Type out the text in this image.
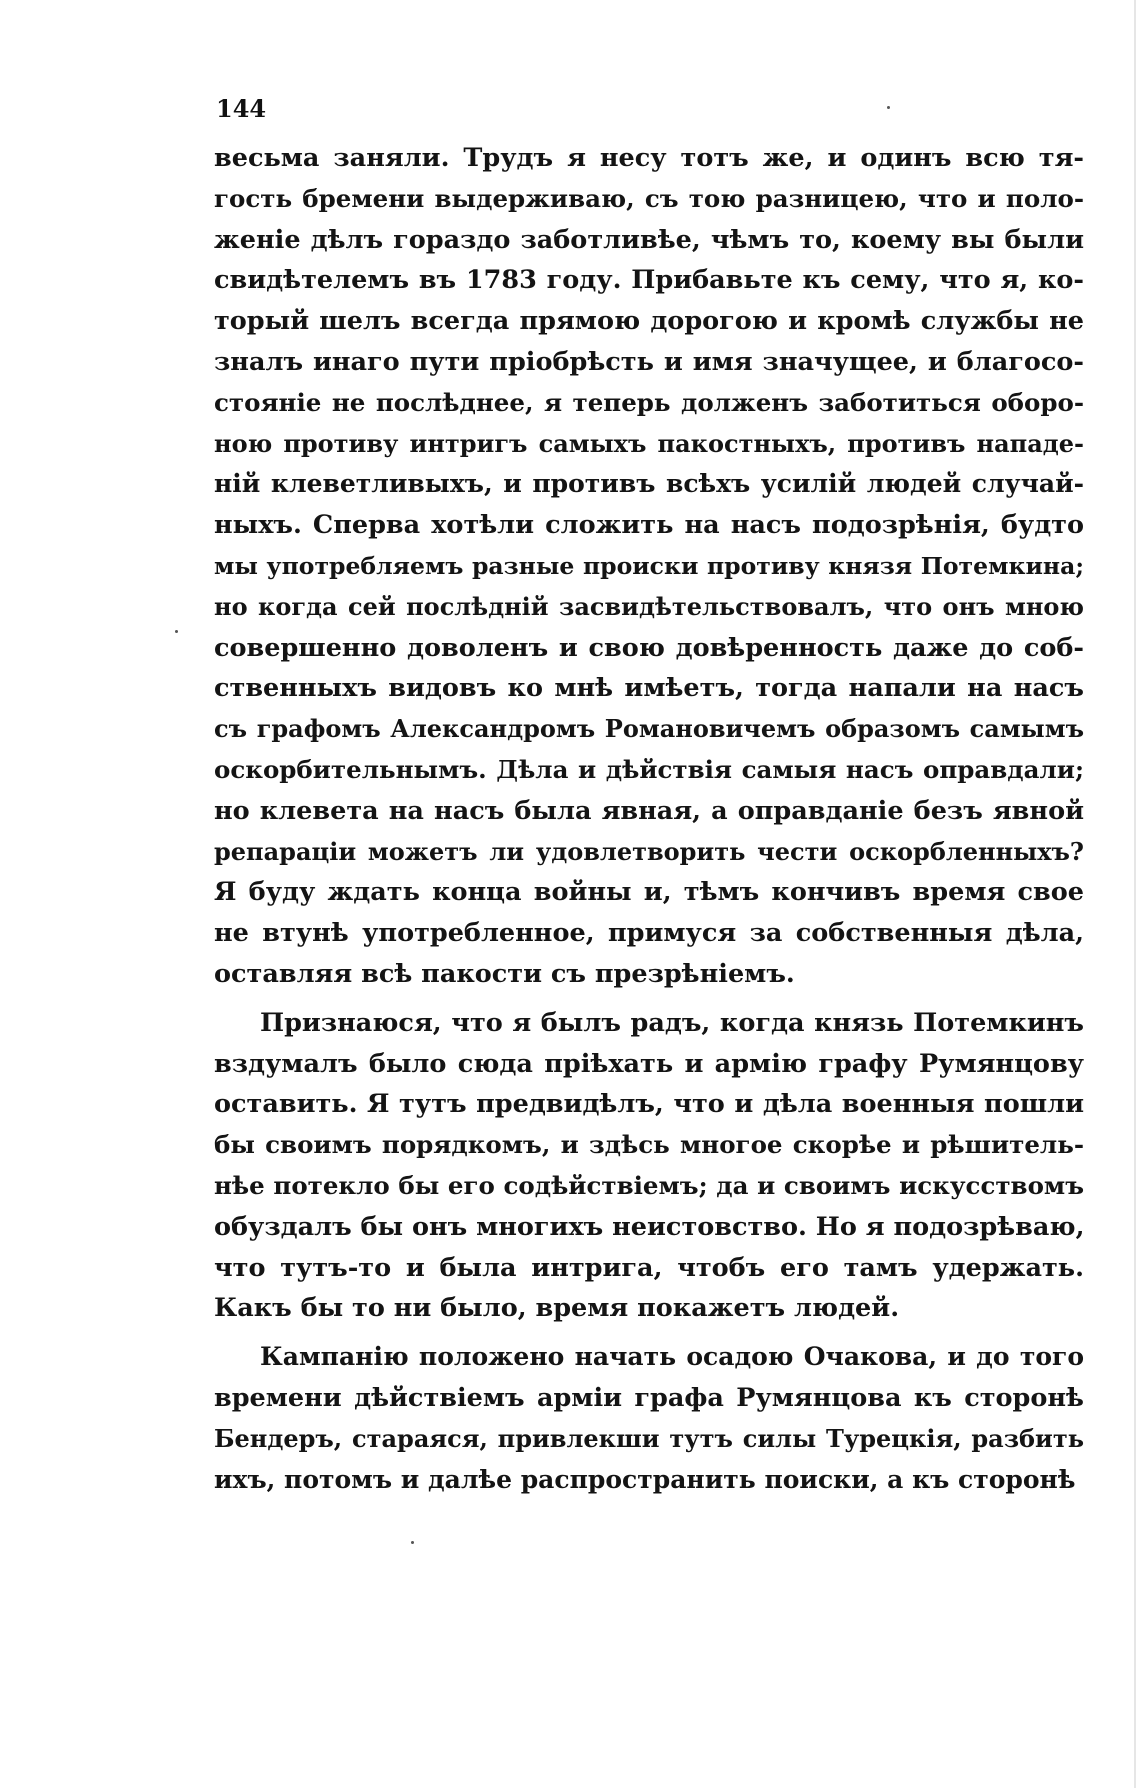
144
весьма заняли. Трудъ я несу тотъ же, и одинъ всю тя-
гость бремени выдерживаю, съ тою разницею, что и поло-
женіе дѣлъ гораздо заботливѣе, чѣмъ то, коему вы были
свидѣтелемъ въ 1783 году. Прибавьте къ сему, что я, ко-
торый шелъ всегда прямою дорогою и кромѣ службы не
зналъ инаго пути пріобрѣсть и имя значущее, и благосо-
стояніе не послѣднее, я теперь долженъ заботиться оборо-
ною противу интригъ самыхъ пакостныхъ, противъ нападе-
ній клеветливыхъ, и противъ всѣхъ усилій людей случай-
ныхъ. Сперва хотѣли сложить на насъ подозрѣнія, будто
мы употребляемъ разные происки противу князя Потемкина;
но когда сей послѣдній засвидѣтельствовалъ, что онъ мною
совершенно доволенъ и свою довѣренность даже до соб-
ственныхъ видовъ ко мнѣ имѣетъ, тогда напали на насъ
съ графомъ Александромъ Романовичемъ образомъ самымъ
оскорбительнымъ. Дѣла и дѣйствія самыя насъ оправдали;
но клевета на насъ была явная, а оправданіе безъ явной
репараціи можетъ ли удовлетворить чести оскорбленныхъ?
Я буду ждать конца войны и, тѣмъ кончивъ время свое
не втунѣ употребленное, примуся за собственныя дѣла,
оставляя всѣ пакости съ презрѣніемъ.
Признаюся, что я былъ радъ, когда князь Потемкинъ
вздумалъ было сюда пріѣхать и армію графу Румянцову
оставить. Я тутъ предвидѣлъ, что и дѣла военныя пошли
бы своимъ порядкомъ, и здѣсь многое скорѣе и рѣшитель-
нѣе потекло бы его содѣйствіемъ; да и своимъ искусствомъ
обуздалъ бы онъ многихъ неистовство. Но я подозрѣваю,
что тутъ-то и была интрига, чтобъ его тамъ удержать.
Какъ бы то ни было, время покажетъ людей.
Кампанію положено начать осадою Очакова, и до того
времени дѣйствіемъ арміи графа Румянцова къ сторонѣ
Бендеръ, стараяся, привлекши тутъ силы Турецкія, разбить
ихъ, потомъ и далѣе распространить поиски, а къ сторонѣ
